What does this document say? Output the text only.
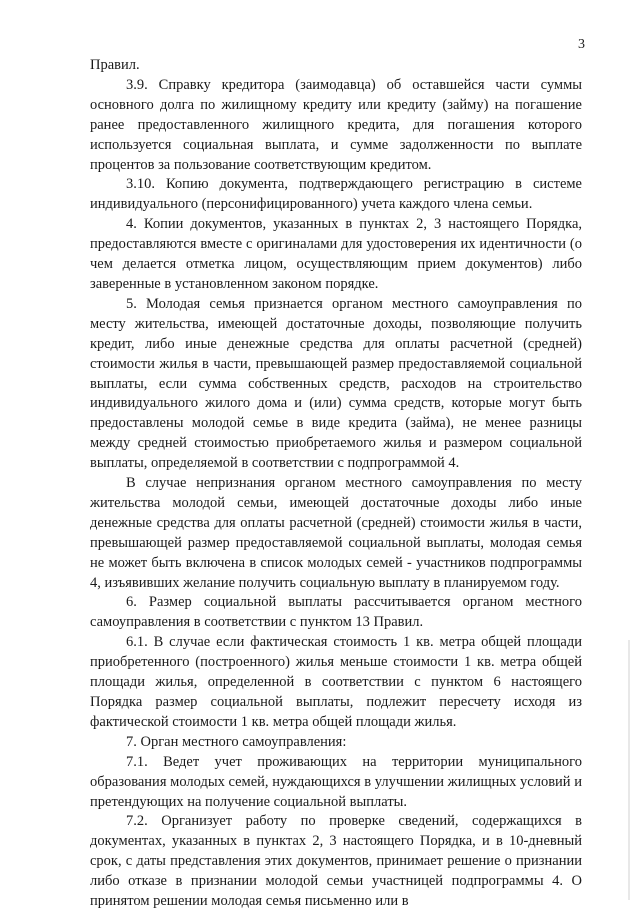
3

Правил.

3.9. Справку кредитора (заимодавца) об оставшейся части суммы основного долга по жилищному кредиту или кредиту (займу) на погашение ранее предоставленного жилищного кредита, для погашения которого используется социальная выплата, и сумме задолженности по выплате процентов за пользование соответствующим кредитом.

3.10. Копию документа, подтверждающего регистрацию в системе индивидуального (персонифицированного) учета каждого члена семьи.

4. Копии документов, указанных в пунктах 2, 3 настоящего Порядка, предоставляются вместе с оригиналами для удостоверения их идентичности (о чем делается отметка лицом, осуществляющим прием документов) либо заверенные в установленном законом порядке.

5. Молодая семья признается органом местного самоуправления по месту жительства, имеющей достаточные доходы, позволяющие получить кредит, либо иные денежные средства для оплаты расчетной (средней) стоимости жилья в части, превышающей размер предоставляемой социальной выплаты, если сумма собственных средств, расходов на строительство индивидуального жилого дома и (или) сумма средств, которые могут быть предоставлены молодой семье в виде кредита (займа), не менее разницы между средней стоимостью приобретаемого жилья и размером социальной выплаты, определяемой в соответствии с подпрограммой 4.

В случае непризнания органом местного самоуправления по месту жительства молодой семьи, имеющей достаточные доходы либо иные денежные средства для оплаты расчетной (средней) стоимости жилья в части, превышающей размер предоставляемой социальной выплаты, молодая семья не может быть включена в список молодых семей - участников подпрограммы 4, изъявивших желание получить социальную выплату в планируемом году.

6. Размер социальной выплаты рассчитывается органом местного самоуправления в соответствии с пунктом 13 Правил.

6.1. В случае если фактическая стоимость 1 кв. метра общей площади приобретенного (построенного) жилья меньше стоимости 1 кв. метра общей площади жилья, определенной в соответствии с пунктом 6 настоящего Порядка размер социальной выплаты, подлежит пересчету исходя из фактической стоимости 1 кв. метра общей площади жилья.

7. Орган местного самоуправления:

7.1. Ведет учет проживающих на территории муниципального образования молодых семей, нуждающихся в улучшении жилищных условий и претендующих на получение социальной выплаты.

7.2. Организует работу по проверке сведений, содержащихся в документах, указанных в пунктах 2, 3 настоящего Порядка, и в 10-дневный срок, с даты представления этих документов, принимает решение о признании либо отказе в признании молодой семьи участницей подпрограммы 4. О принятом решении молодая семья письменно или в
